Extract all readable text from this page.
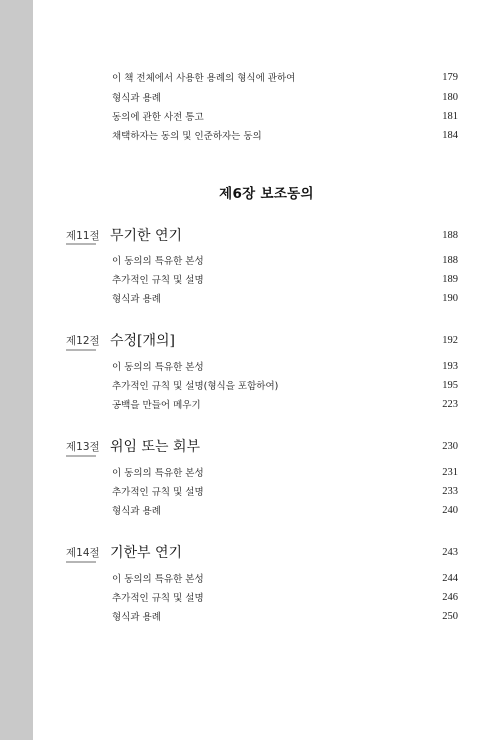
이 책 전체에서 사용한 용례의 형식에 관하여	179
형식과 용례	180
동의에 관한 사전 통고	181
채택하자는 동의 및 인준하자는 동의	184
제6장 보조동의
제11절 무기한 연기	188
이 동의의 특유한 본성	188
추가적인 규칙 및 설명	189
형식과 용례	190
제12절 수정[개의]	192
이 동의의 특유한 본성	193
추가적인 규칙 및 설명(형식을 포함하여)	195
공백을 만들어 메우기	223
제13절 위임 또는 회부	230
이 동의의 특유한 본성	231
추가적인 규칙 및 설명	233
형식과 용례	240
제14절 기한부 연기	243
이 동의의 특유한 본성	244
추가적인 규칙 및 설명	246
형식과 용례	250
